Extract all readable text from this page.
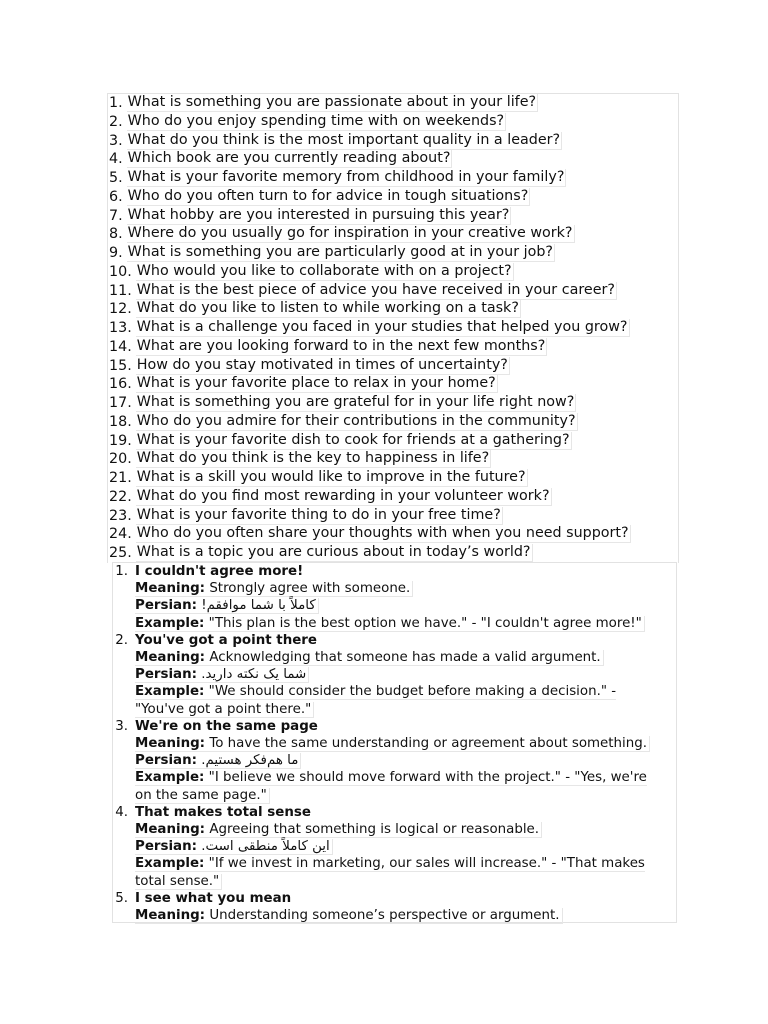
1. What is something you are passionate about in your life?
2. Who do you enjoy spending time with on weekends?
3. What do you think is the most important quality in a leader?
4. Which book are you currently reading about?
5. What is your favorite memory from childhood in your family?
6. Who do you often turn to for advice in tough situations?
7. What hobby are you interested in pursuing this year?
8. Where do you usually go for inspiration in your creative work?
9. What is something you are particularly good at in your job?
10. Who would you like to collaborate with on a project?
11. What is the best piece of advice you have received in your career?
12. What do you like to listen to while working on a task?
13. What is a challenge you faced in your studies that helped you grow?
14. What are you looking forward to in the next few months?
15. How do you stay motivated in times of uncertainty?
16. What is your favorite place to relax in your home?
17. What is something you are grateful for in your life right now?
18. Who do you admire for their contributions in the community?
19. What is your favorite dish to cook for friends at a gathering?
20. What do you think is the key to happiness in life?
21. What is a skill you would like to improve in the future?
22. What do you find most rewarding in your volunteer work?
23. What is your favorite thing to do in your free time?
24. Who do you often share your thoughts with when you need support?
25. What is a topic you are curious about in today’s world?
1. I couldn't agree more!
Meaning: Strongly agree with someone.
Persian: کاملاً با شما موافقم!
Example: "This plan is the best option we have." - "I couldn't agree more!"
2. You've got a point there
Meaning: Acknowledging that someone has made a valid argument.
Persian: شما یک نکته دارید.
Example: "We should consider the budget before making a decision." - "You've got a point there."
3. We're on the same page
Meaning: To have the same understanding or agreement about something.
Persian: ما هم‌فکر هستیم.
Example: "I believe we should move forward with the project." - "Yes, we're on the same page."
4. That makes total sense
Meaning: Agreeing that something is logical or reasonable.
Persian: این کاملاً منطقی است.
Example: "If we invest in marketing, our sales will increase." - "That makes total sense."
5. I see what you mean
Meaning: Understanding someone’s perspective or argument.
